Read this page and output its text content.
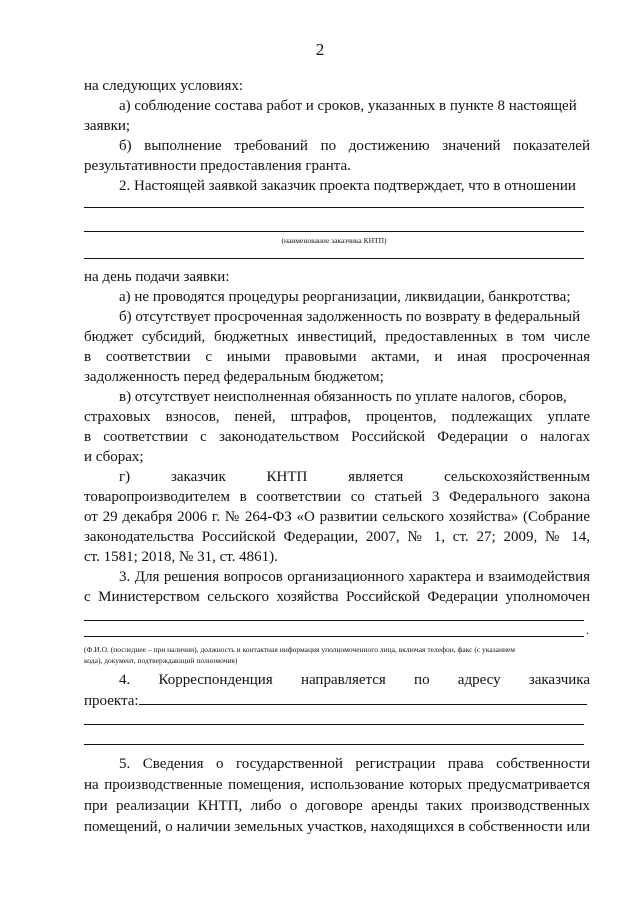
2
на следующих условиях:
а) соблюдение состава работ и сроков, указанных в пункте 8 настоящей
заявки;
б) выполнение требований по достижению значений показателей
результативности предоставления гранта.
2. Настоящей заявкой заказчик проекта подтверждает, что в отношении
(наименование заказчика КНТП)
на день подачи заявки:
а) не проводятся процедуры реорганизации, ликвидации, банкротства;
б) отсутствует просроченная задолженность по возврату в федеральный
бюджет субсидий, бюджетных инвестиций, предоставленных в том числе
в соответствии с иными правовыми актами, и иная просроченная
задолженность перед федеральным бюджетом;
в) отсутствует неисполненная обязанность по уплате налогов, сборов,
страховых взносов, пеней, штрафов, процентов, подлежащих уплате
в соответствии с законодательством Российской Федерации о налогах
и сборах;
г) заказчик КНТП является сельскохозяйственным
товаропроизводителем в соответствии со статьей 3 Федерального закона
от 29 декабря 2006 г. № 264-ФЗ «О развитии сельского хозяйства» (Собрание
законодательства Российской Федерации, 2007, № 1, ст. 27; 2009, № 14,
ст. 1581; 2018, № 31, ст. 4861).
3. Для решения вопросов организационного характера и взаимодействия
с Министерством сельского хозяйства Российской Федерации уполномочен
.
(Ф.И.О. (последнее – при наличии), должность и контактная информация уполномоченного лица, включая телефон, факс (с указанием
кода), документ, подтверждающий полномочия)
4. Корреспонденция направляется по адресу заказчика
проекта:
5. Сведения о государственной регистрации права собственности
на производственные помещения, использование которых предусматривается
при реализации КНТП, либо о договоре аренды таких производственных
помещений, о наличии земельных участков, находящихся в собственности или
